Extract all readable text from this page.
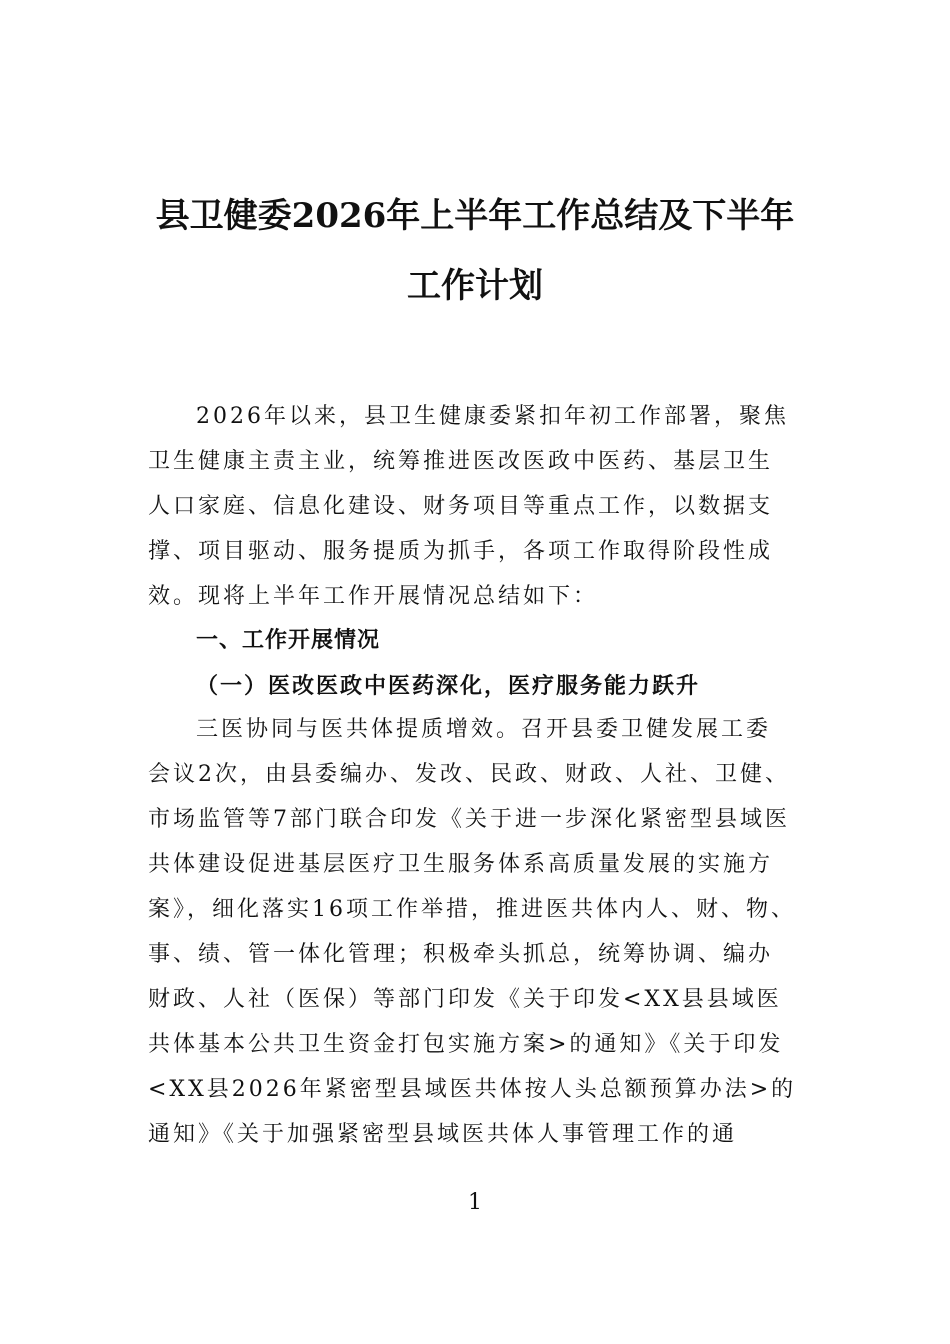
县卫健委2026年上半年工作总结及下半年
工作计划
2026年以来，县卫生健康委紧扣年初工作部署，聚焦
卫生健康主责主业，统筹推进医改医政中医药、基层卫生
人口家庭、信息化建设、财务项目等重点工作，以数据支
撑、项目驱动、服务提质为抓手，各项工作取得阶段性成
效。现将上半年工作开展情况总结如下：
一、工作开展情况
（一）医改医政中医药深化，医疗服务能力跃升
三医协同与医共体提质增效。召开县委卫健发展工委
会议2次，由县委编办、发改、民政、财政、人社、卫健、
市场监管等7部门联合印发《关于进一步深化紧密型县域医
共体建设促进基层医疗卫生服务体系高质量发展的实施方
案》，细化落实16项工作举措，推进医共体内人、财、物、
事、绩、管一体化管理；积极牵头抓总，统筹协调、编办
财政、人社（医保）等部门印发《关于印发<XX县县域医
共体基本公共卫生资金打包实施方案>的通知》《关于印发
<XX县2026年紧密型县域医共体按人头总额预算办法>的
通知》《关于加强紧密型县域医共体人事管理工作的通
1
